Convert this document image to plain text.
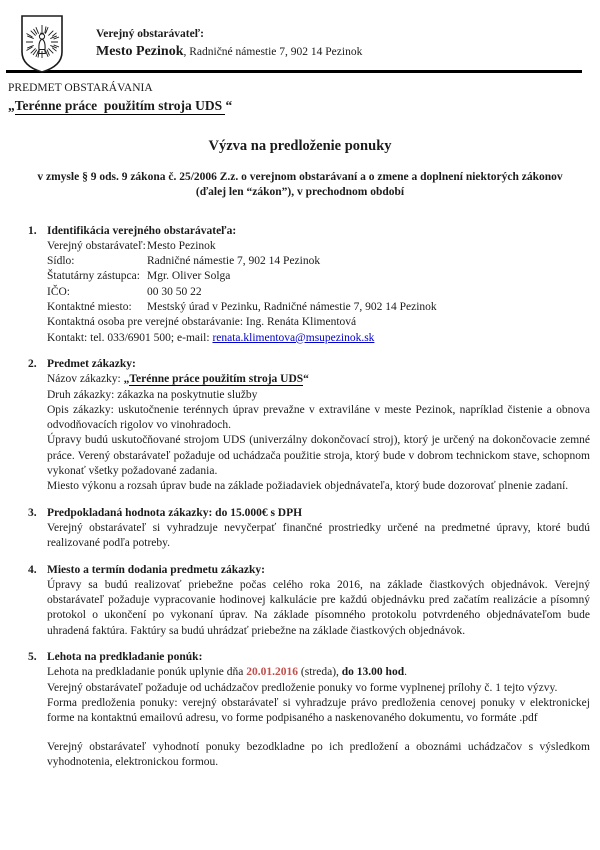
Verejný obstarávateľ:
Mesto Pezinok, Radničné námestie 7, 902 14 Pezinok
PREDMET OBSTARÁVANIA
„Terénne práce  použitím stroja UDS “
Výzva na predloženie ponuky
v zmysle § 9 ods. 9 zákona č. 25/2006 Z.z. o verejnom obstarávaní a o zmene a doplnení niektorých zákonov
(ďalej len “zákon”), v prechodnom období
1. Identifikácia verejného obstarávateľa:
Verejný obstarávateľ:Mesto Pezinok
Sídlo:	Radničné námestie 7, 902 14 Pezinok
Štatutárny zástupca: Mgr. Oliver Solga
IČO:	00 30 50 22
Kontaktné miesto: Mestský úrad v Pezinku, Radničné námestie 7, 902 14 Pezinok
Kontaktná osoba pre verejné obstarávanie: Ing. Renáta Klimentová
Kontakt: tel. 033/6901 500; e-mail: renata.klimentova@msupezinok.sk
2. Predmet zákazky:
Názov zákazky: „Terénne práce použitím stroja UDS“
Druh zákazky: zákazka na poskytnutie služby
Opis zákazky: uskutočnenie terénnych úprav prevažne v extraviláne v meste Pezinok, napríklad čistenie a obnova odvodňovacích rigolov vo vinohradoch.
Úpravy budú uskutočňované strojom UDS (univerzálny dokončovací stroj), ktorý je určený na dokončovacie zemné práce. Verený obstarávateľ požaduje od uchádzača použitie stroja, ktorý bude v dobrom technickom stave, schopnom vykonať všetky požadované zadania.
Miesto výkonu a rozsah úprav bude na základe požiadaviek objednávateľa, ktorý bude dozorovať plnenie zadaní.
3. Predpokladaná hodnota zákazky: do 15.000€ s DPH
Verejný obstarávateľ si vyhradzuje nevyčerpať finančné prostriedky určené na predmetné úpravy, ktoré budú realizované podľa potreby.
4. Miesto a termín dodania predmetu zákazky:
Úpravy sa budú realizovať priebežne počas celého roka 2016, na základe čiastkových objednávok. Verejný obstarávateľ požaduje vypracovanie hodinovej kalkulácie pre každú objednávku pred začatím realizácie a písomný protokol o ukončení po vykonaní úprav. Na základe písomného protokolu potvrdeného objednávateľom bude uhradená faktúra. Faktúry sa budú uhrádzať priebežne na základe čiastkových objednávok.
5. Lehota na predkladanie ponúk:
Lehota na predkladanie ponúk uplynie dňa 20.01.2016 (streda), do 13.00 hod.
Verejný obstarávateľ požaduje od uchádzačov predloženie ponuky vo forme vyplnenej prílohy č. 1 tejto výzvy.
Forma predloženia ponuky: verejný obstarávateľ si vyhradzuje právo predloženia cenovej ponuky v elektronickej forme na kontaktnú emailovú adresu, vo forme podpisaného a naskenovaného dokumentu, vo formáte .pdf
Verejný obstarávateľ vyhodnotí ponuky bezodkladne po ich predložení a oboznámi uchádzačov s výsledkom vyhodnotenia, elektronickou formou.
